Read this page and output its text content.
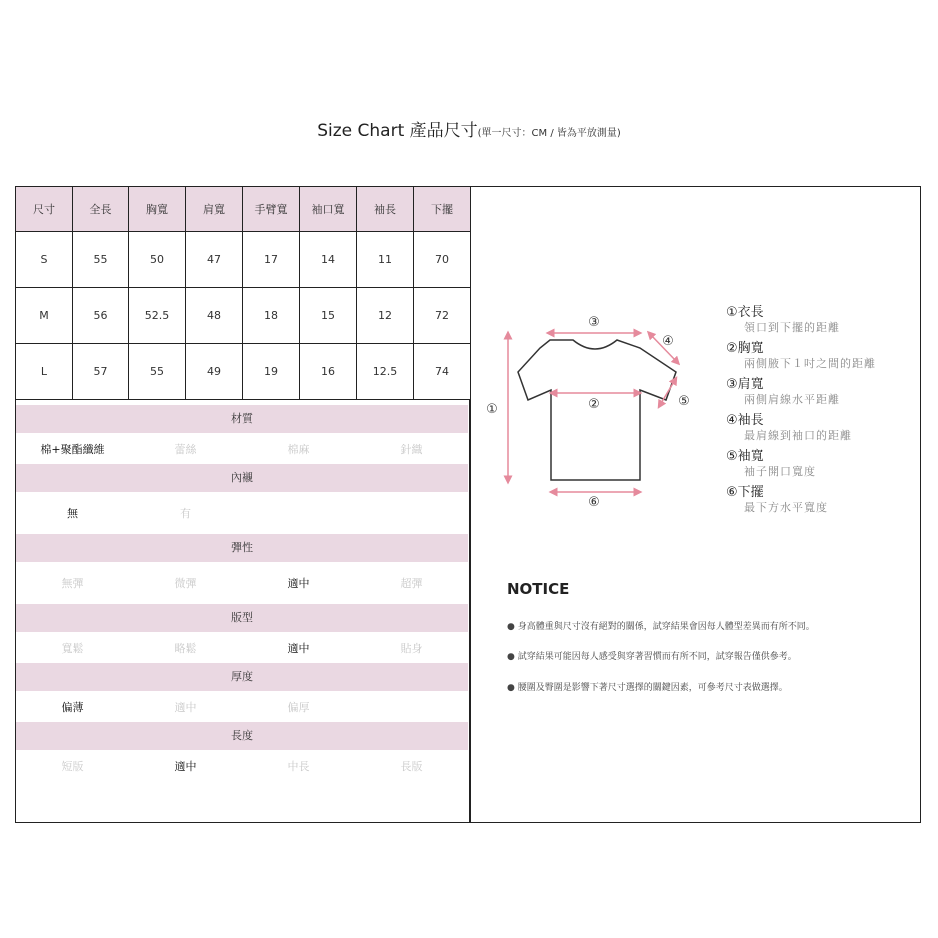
Size Chart 產品尺寸(單一尺寸：CM / 皆為平放測量)
尺寸	全長	胸寬	肩寬	手臂寬	袖口寬	袖長	下擺
S	55	50	47	17	14	11	70
M	56	52.5	48	18	15	12	72
L	57	55	49	19	16	12.5	74
材質
棉+聚酯纖維	蕾絲	棉麻	針織
內襯
無	有
彈性
無彈	微彈	適中	超彈
版型
寬鬆	略鬆	適中	貼身
厚度
偏薄	適中	偏厚
長度
短版	適中	中長	長版
①	②
③
④
⑤
⑥
①衣長
領口到下擺的距離
②胸寬
兩側腋下１吋之間的距離
③肩寬
兩側肩線水平距離
④袖長
最肩線到袖口的距離
⑤袖寬
袖子開口寬度
⑥下擺
最下方水平寬度
NOTICE
● 身高體重與尺寸沒有絕對的關係，試穿結果會因每人體型差異而有所不同。
● 試穿結果可能因每人感受與穿著習慣而有所不同，試穿報告僅供參考。
● 腰圍及臀圍是影響下著尺寸選擇的關鍵因素，可參考尺寸表做選擇。
